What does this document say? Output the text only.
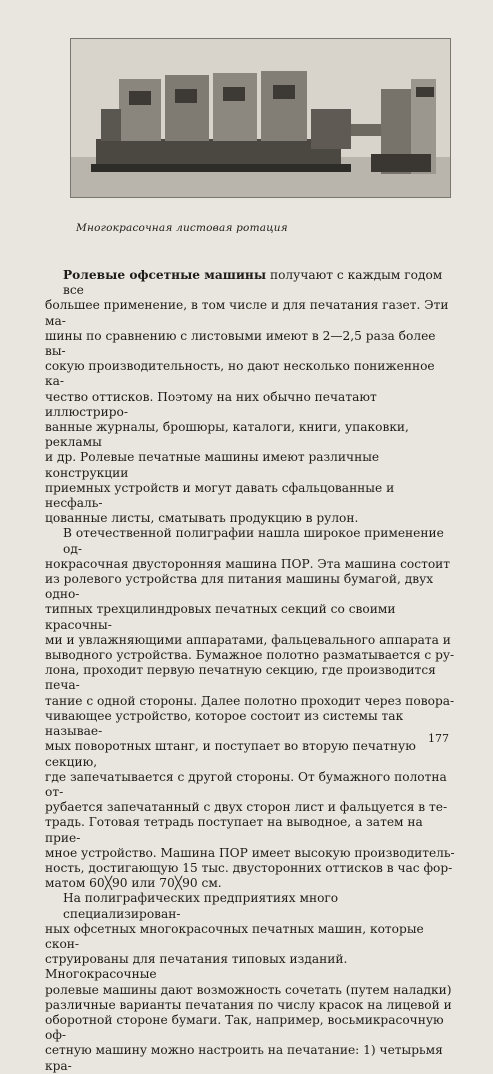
Многокрасочная листовая ротация

Ролевые офсетные машины получают с каждым годом все

большее применение, в том числе и для печатания газет. Эти ма-

шины по сравнению с листовыми имеют в 2—2,5 раза более вы-

сокую производительность, но дают несколько пониженное ка-

чество оттисков. Поэтому на них обычно печатают иллюстриро-

ванные журналы, брошюры, каталоги, книги, упаковки, рекламы

и др. Ролевые печатные машины имеют различные конструкции

приемных устройств и могут давать сфальцованные и несфаль-

цованные листы, сматывать продукцию в рулон.

В отечественной полиграфии нашла широкое применение од-

нокрасочная двусторонняя машина ПОР. Эта машина состоит

из ролевого устройства для питания машины бумагой, двух одно-

типных трехцилиндровых печатных секций со своими красочны-

ми и увлажняющими аппаратами, фальцевального аппарата и

выводного устройства. Бумажное полотно разматывается с ру-

лона, проходит первую печатную секцию, где производится печа-

тание с одной стороны. Далее полотно проходит через поворa-

чивающее устройство, которое состоит из системы так называе-

мых поворотных штанг, и поступает во вторую печатную секцию,

где запечатывается с другой стороны. От бумажного полотна от-

рубается запечатанный с двух сторон лист и фальцуется в те-

традь. Готовая тетрадь поступает на выводное, а затем на прие-

мное устройство. Машина ПОР имеет высокую производитель-

ность, достигающую 15 тыс. двусторонних оттисков в час фор-

матом 60╳90 или 70╳90 см.

На полиграфических предприятиях много специализирован-

ных офсетных многокрасочных печатных машин, которые скон-

струированы для печатания типовых изданий. Многокрасочные

ролевые машины дают возможность сочетать (путем наладки)

различные варианты печатания по числу красок на лицевой и

оборотной стороне бумаги. Так, например, восьмикрасочную оф-

сетную машину можно настроить на печатание: 1) четырьмя кра-

177
